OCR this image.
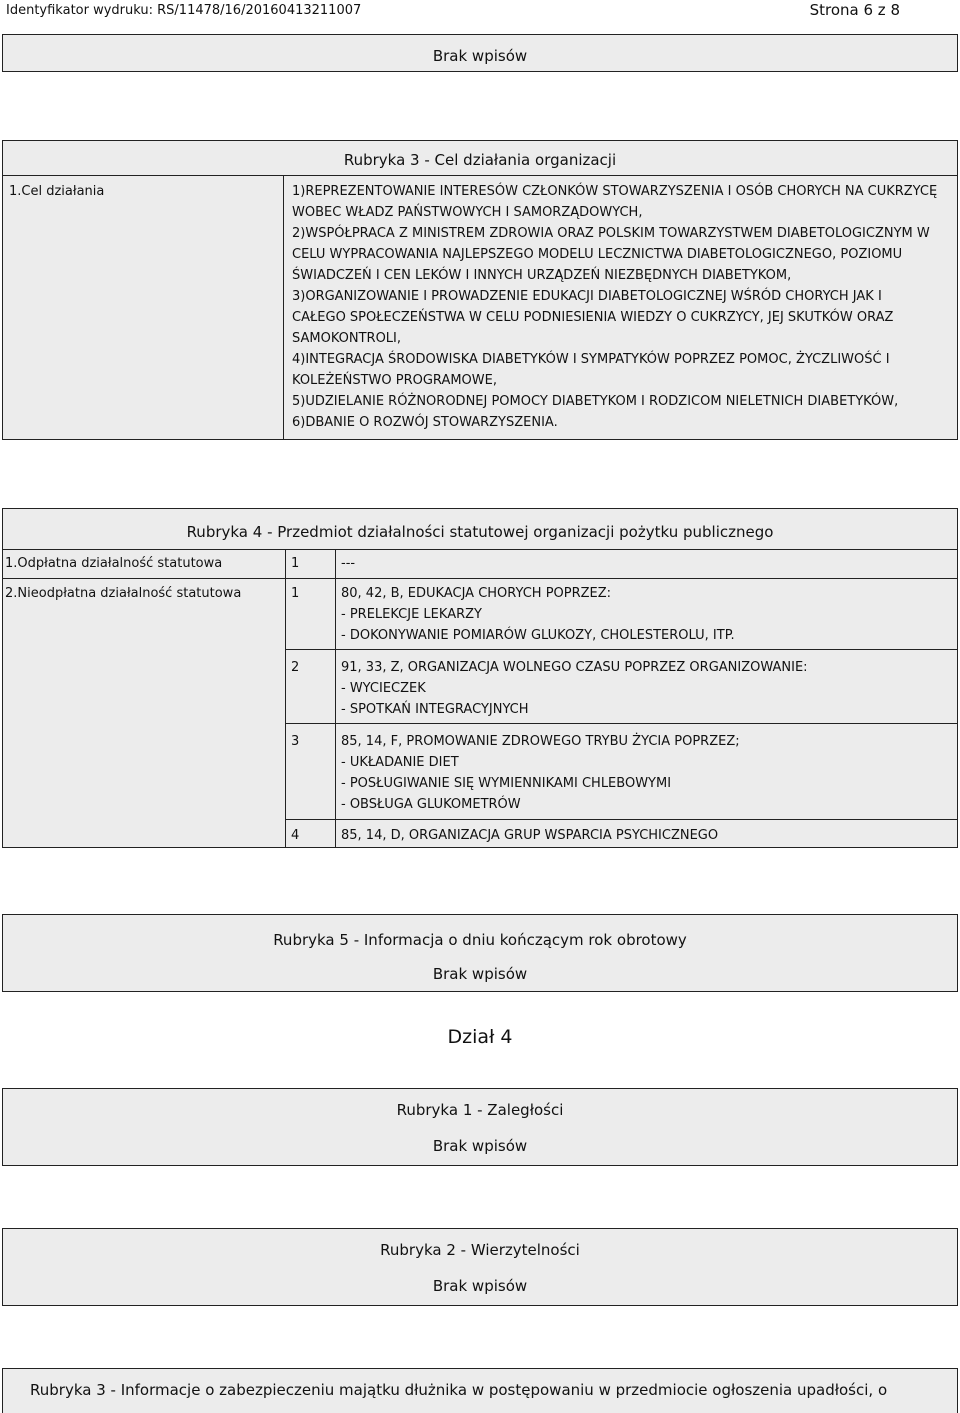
Identyfikator wydruku: RS/11478/16/20160413211007	Strona 6 z 8
Brak wpisów
Rubryka 3 - Cel działania organizacji
1.Cel działania	1)REPREZENTOWANIE INTERESÓW CZŁONKÓW STOWARZYSZENIA I OSÓB CHORYCH NA CUKRZYCĘ
WOBEC WŁADZ PAŃSTWOWYCH I SAMORZĄDOWYCH,
2)WSPÓŁPRACA Z MINISTREM ZDROWIA ORAZ POLSKIM TOWARZYSTWEM DIABETOLOGICZNYM W
CELU WYPRACOWANIA NAJLEPSZEGO MODELU LECZNICTWA DIABETOLOGICZNEGO, POZIOMU
ŚWIADCZEŃ I CEN LEKÓW I INNYCH URZĄDZEŃ NIEZBĘDNYCH DIABETYKOM,
3)ORGANIZOWANIE I PROWADZENIE EDUKACJI DIABETOLOGICZNEJ WŚRÓD CHORYCH JAK I
CAŁEGO SPOŁECZEŃSTWA W CELU PODNIESIENIA WIEDZY O CUKRZYCY, JEJ SKUTKÓW ORAZ
SAMOKONTROLI,
4)INTEGRACJA ŚRODOWISKA DIABETYKÓW I SYMPATYKÓW POPRZEZ POMOC, ŻYCZLIWOŚĆ I
KOLEŻEŃSTWO PROGRAMOWE,
5)UDZIELANIE RÓŻNORODNEJ POMOCY DIABETYKOM I RODZICOM NIELETNICH DIABETYKÓW,
6)DBANIE O ROZWÓJ STOWARZYSZENIA.
Rubryka 4 - Przedmiot działalności statutowej organizacji pożytku publicznego
1.Odpłatna działalność statutowa	1	---
2.Nieodpłatna działalność statutowa	1	80, 42, B, EDUKACJA CHORYCH POPRZEZ:
- PRELEKCJE LEKARZY
- DOKONYWANIE POMIARÓW GLUKOZY, CHOLESTEROLU, ITP.
2	91, 33, Z, ORGANIZACJA WOLNEGO CZASU POPRZEZ ORGANIZOWANIE:
- WYCIECZEK
- SPOTKAŃ INTEGRACYJNYCH
3	85, 14, F, PROMOWANIE ZDROWEGO TRYBU ŻYCIA POPRZEZ;
- UKŁADANIE DIET
- POSŁUGIWANIE SIĘ WYMIENNIKAMI CHLEBOWYMI
- OBSŁUGA GLUKOMETRÓW
4	85, 14, D, ORGANIZACJA GRUP WSPARCIA PSYCHICZNEGO
Rubryka 5 - Informacja o dniu kończącym rok obrotowy
Brak wpisów
Dział 4
Rubryka 1 - Zaległości
Brak wpisów
Rubryka 2 - Wierzytelności
Brak wpisów
Rubryka 3 - Informacje o zabezpieczeniu majątku dłużnika w postępowaniu w przedmiocie ogłoszenia upadłości, o
